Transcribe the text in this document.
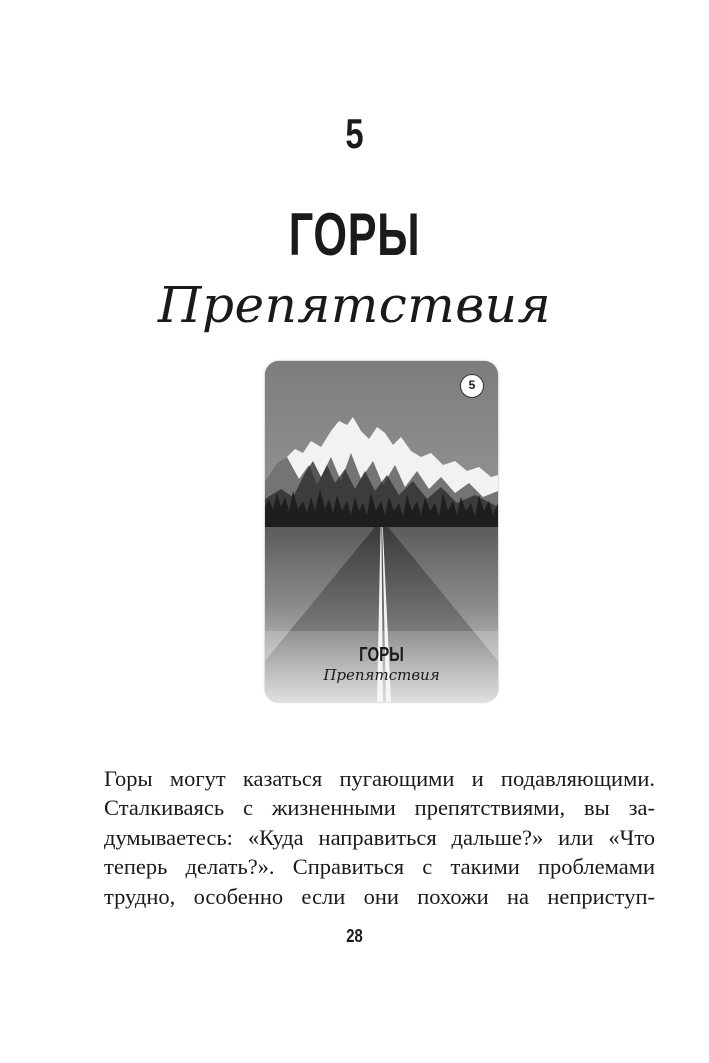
5
ГОРЫ
Препятствия
5
ГОРЫ
Препятствия
Горы могут казаться пугающими и подавляющими.
Сталкиваясь с жизненными препятствиями, вы за-
думываетесь: «Куда направиться дальше?» или «Что
теперь делать?». Справиться с такими проблемами
трудно, особенно если они похожи на неприступ-
28
